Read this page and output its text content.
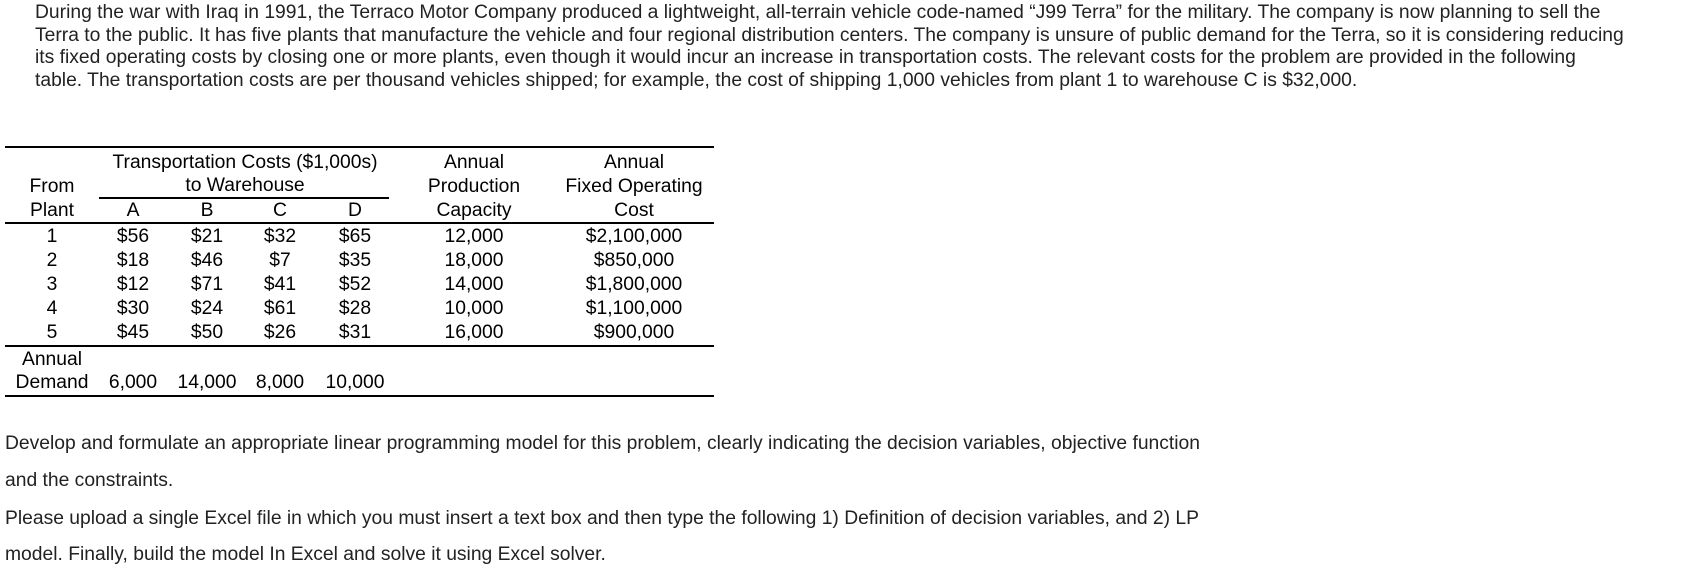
During the war with Iraq in 1991, the Terraco Motor Company produced a lightweight, all-terrain vehicle code-named “J99 Terra” for the military. The company is now planning to sell the
Terra to the public. It has five plants that manufacture the vehicle and four regional distribution centers. The company is unsure of public demand for the Terra, so it is considering reducing
its fixed operating costs by closing one or more plants, even though it would incur an increase in transportation costs. The relevant costs for the problem are provided in the following
table. The transportation costs are per thousand vehicles shipped; for example, the cost of shipping 1,000 vehicles from plant 1 to warehouse C is $32,000.
From
Plant
Transportation Costs ($1,000s)
to Warehouse
A	B	C	D
Annual
Production
Capacity
Annual
Fixed Operating
Cost
1	$56 $21 $32 $65	12,000	$2,100,000
2	$18 $46 $7 $35	18,000	$850,000
3	$12 $71 $41 $52	14,000	$1,800,000
4	$30 $24 $61 $28	10,000	$1,100,000
5	$45 $50 $26 $31	16,000	$900,000
Annual
Demand 6,000 14,000 8,000 10,000
Develop and formulate an appropriate linear programming model for this problem, clearly indicating the decision variables, objective function
and the constraints.
Please upload a single Excel file in which you must insert a text box and then type the following 1) Definition of decision variables, and 2) LP
model. Finally, build the model In Excel and solve it using Excel solver.
